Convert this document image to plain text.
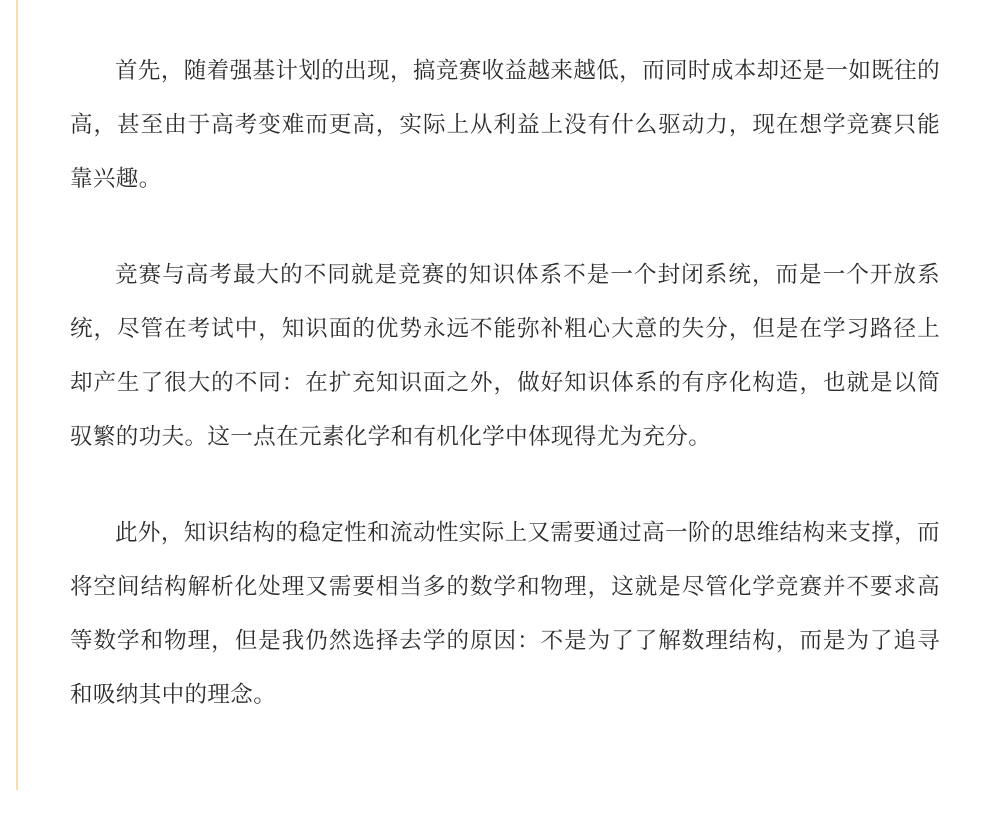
首先，随着强基计划的出现，搞竞赛收益越来越低，而同时成本却还是一如既往的高，甚至由于高考变难而更高，实际上从利益上没有什么驱动力，现在想学竞赛只能靠兴趣。

竞赛与高考最大的不同就是竞赛的知识体系不是一个封闭系统，而是一个开放系统，尽管在考试中，知识面的优势永远不能弥补粗心大意的失分，但是在学习路径上却产生了很大的不同：在扩充知识面之外，做好知识体系的有序化构造，也就是以简驭繁的功夫。这一点在元素化学和有机化学中体现得尤为充分。

此外，知识结构的稳定性和流动性实际上又需要通过高一阶的思维结构来支撑，而将空间结构解析化处理又需要相当多的数学和物理，这就是尽管化学竞赛并不要求高等数学和物理，但是我仍然选择去学的原因：不是为了了解数理结构，而是为了追寻和吸纳其中的理念。
